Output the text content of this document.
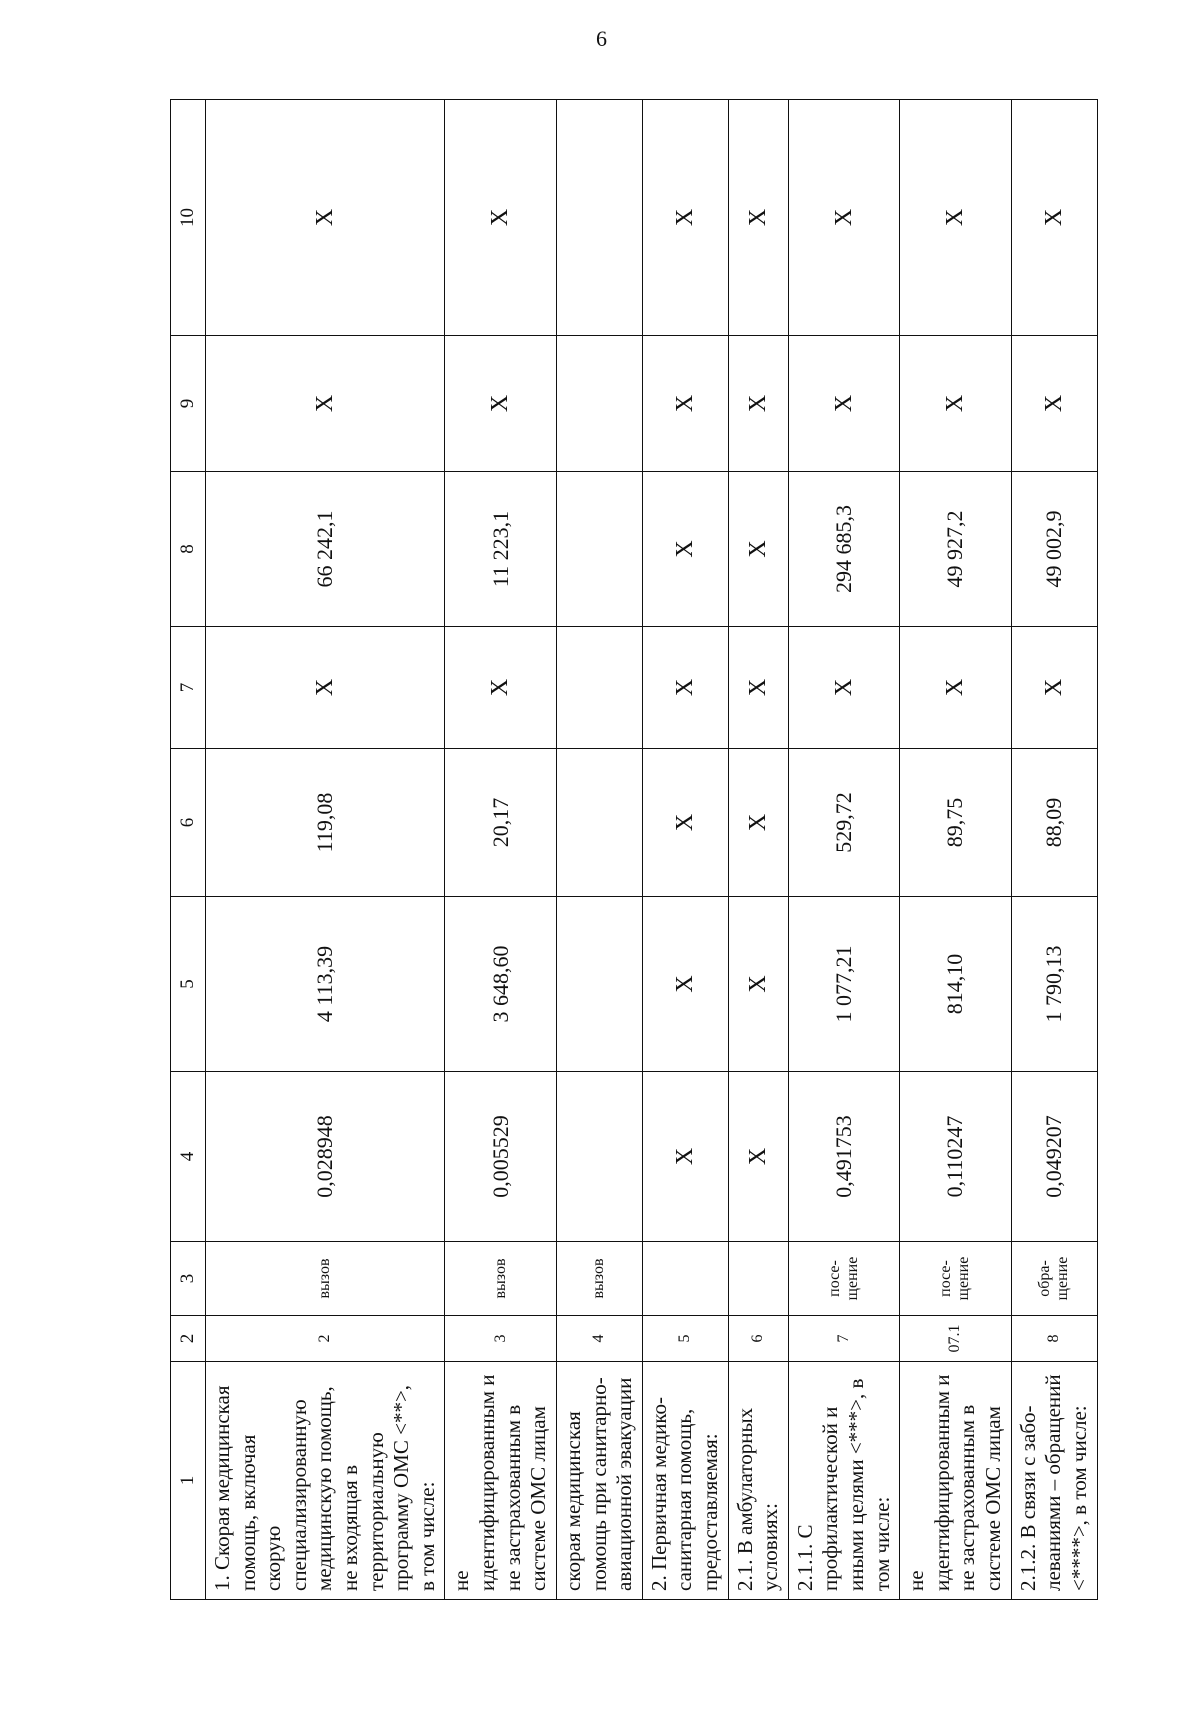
6
1	2	3	4	5	6	7	8	9	10
1. Скорая медицинская помощь, включая скорую специализированную медицинскую помощь, не входящая в территориальную программу ОМС <**>, в том числе:	2	вызов	0,028948	4 113,39	119,08	X	66 242,1	X	X
не идентифицированным и не застрахованным в системе ОМС лицам	3	вызов	0,005529	3 648,60	20,17	X	11 223,1	X	X
скорая медицинская помощь при санитарно-авиационной эвакуации	4	вызов							
2. Первичная медико-санитарная помощь, предоставляемая:	5		X	X	X	X	X	X	X
2.1. В амбулаторных условиях:	6		X	X	X	X	X	X	X
2.1.1. С профилактической и иными целями <***>, в том числе:	7	посе-щение	0,491753	1 077,21	529,72	X	294 685,3	X	X
не идентифицированным и не застрахованным в системе ОМС лицам	07.1	посе-щение	0,110247	814,10	89,75	X	49 927,2	X	X
2.1.2. В связи с забо-леваниями – обращений <****>, в том числе:	8	обра-щение	0,049207	1 790,13	88,09	X	49 002,9	X	X
